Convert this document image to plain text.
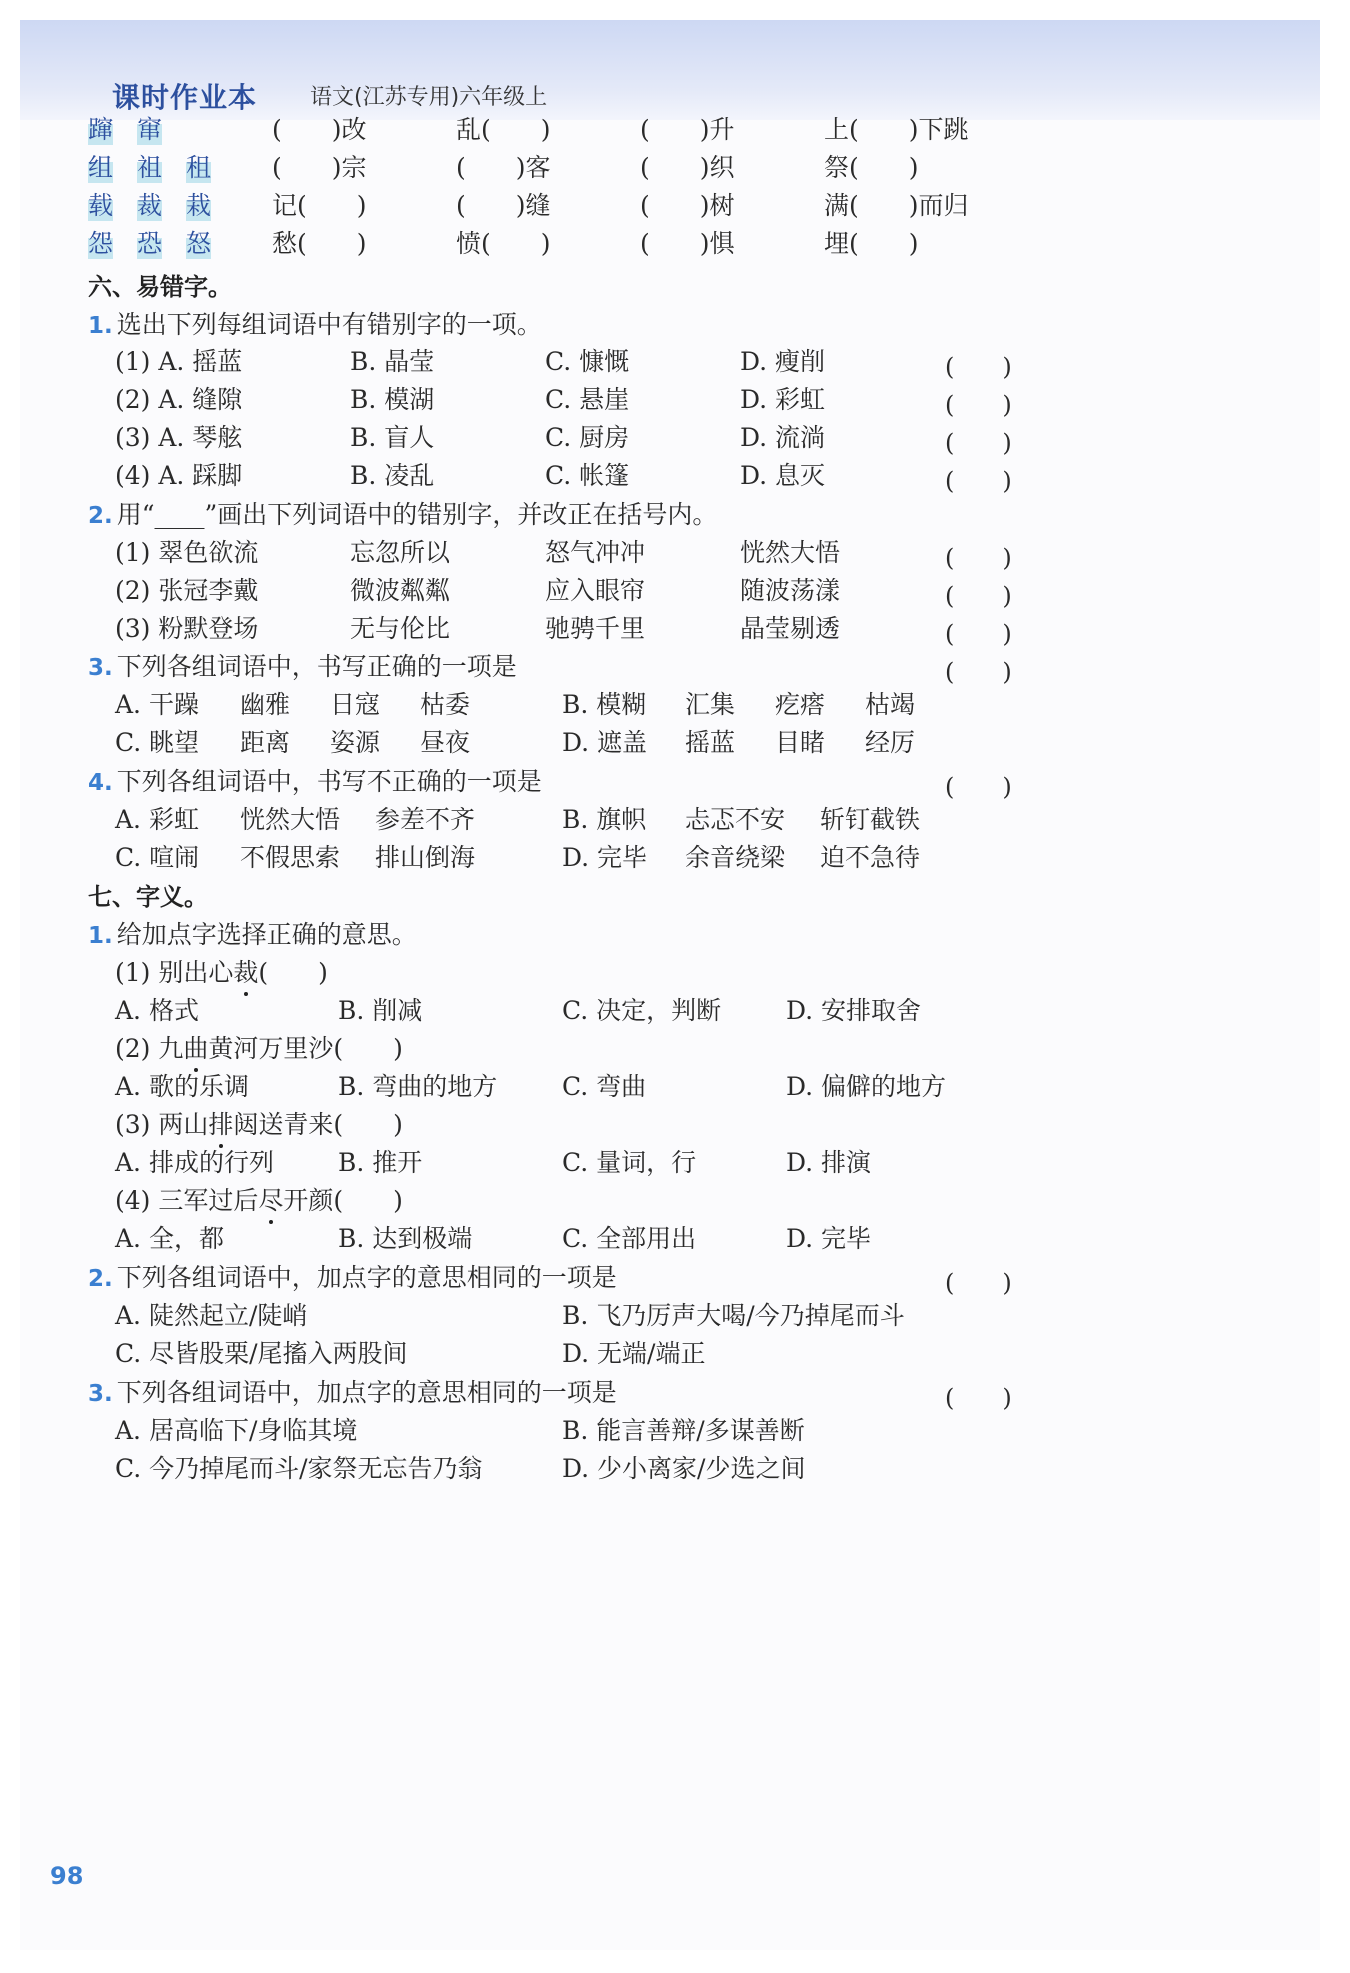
课时作业本 语文(江苏专用)六年级上
蹿 窜	(　　)改	乱(　　)	(　　)升	上(　　)下跳
组 祖 租	(　　)宗	(　　)客	(　　)织	祭(　　)
载 裁 栽	记(　　)	(　　)缝	(　　)树	满(　　)而归
怨 恐 怒	愁(　　)	愤(　　)	(　　)惧	埋(　　)
六、易错字。
1. 选出下列每组词语中有错别字的一项。
(1) A. 摇蓝	B. 晶莹	C. 慷慨	D. 瘦削	(　　)
(2) A. 缝隙	B. 模湖	C. 悬崖	D. 彩虹	(　　)
(3) A. 琴舷	B. 盲人	C. 厨房	D. 流淌	(　　)
(4) A. 踩脚	B. 凌乱	C. 帐篷	D. 息灭	(　　)
2. 用“____”画出下列词语中的错别字，并改正在括号内。
(1) 翠色欲流	忘忽所以	怒气冲冲	恍然大悟	(　　)
(2) 张冠李戴	微波粼粼	应入眼帘	随波荡漾	(　　)
(3) 粉默登场	无与伦比	驰骋千里	晶莹剔透	(　　)
3. 下列各组词语中，书写正确的一项是	(　　)
A. 干躁 幽雅 日寇 枯委	B. 模糊 汇集 疙瘩 枯竭
C. 眺望 距离 姿源 昼夜	D. 遮盖 摇蓝 目睹 经厉
4. 下列各组词语中，书写不正确的一项是	(　　)
A. 彩虹 恍然大悟 参差不齐	B. 旗帜 忐忑不安 斩钉截铁
C. 喧闹 不假思索 排山倒海	D. 完毕 余音绕梁 迫不急待
七、字义。
1. 给加点字选择正确的意思。
(1) 别出心裁(　　)
A. 格式	B. 削减	C. 决定，判断	D. 安排取舍
(2) 九曲黄河万里沙(　　)
A. 歌的乐调	B. 弯曲的地方	C. 弯曲	D. 偏僻的地方
(3) 两山排闼送青来(　　)
A. 排成的行列	B. 推开	C. 量词，行	D. 排演
(4) 三军过后尽开颜(　　)
A. 全，都	B. 达到极端	C. 全部用出	D. 完毕
2. 下列各组词语中，加点字的意思相同的一项是	(　　)
A. 陡然起立/陡峭	B. 飞乃厉声大喝/今乃掉尾而斗
C. 尽皆股栗/尾搐入两股间	D. 无端/端正
3. 下列各组词语中，加点字的意思相同的一项是	(　　)
A. 居高临下/身临其境	B. 能言善辩/多谋善断
C. 今乃掉尾而斗/家祭无忘告乃翁	D. 少小离家/少选之间
98
